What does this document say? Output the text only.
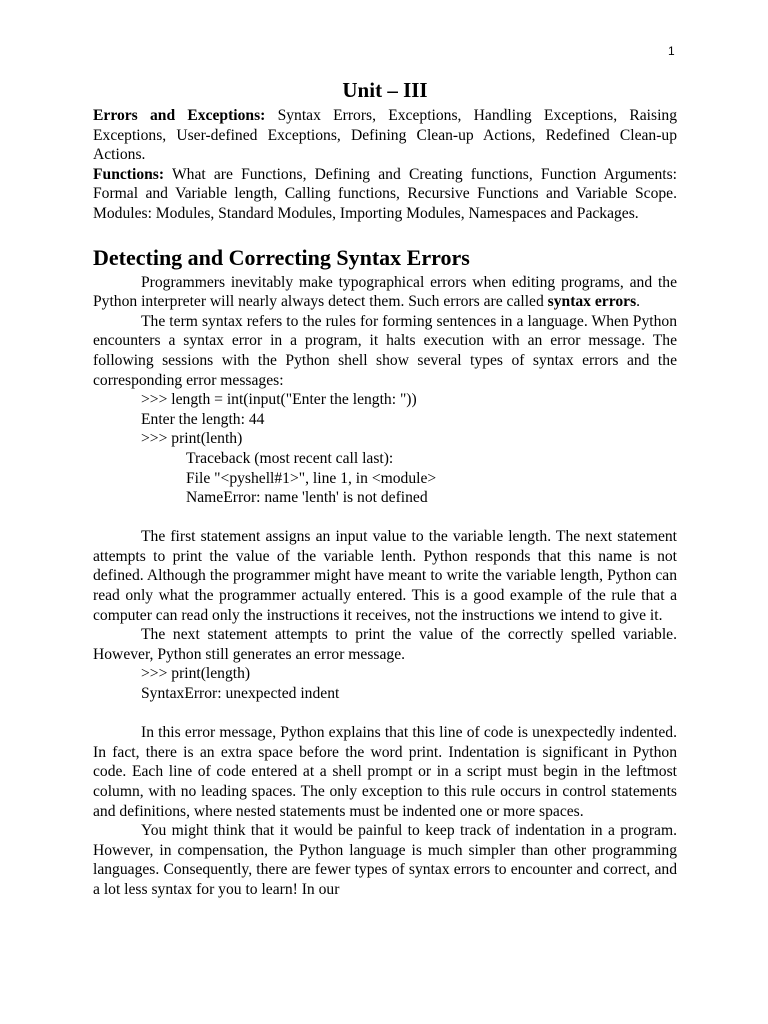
1
Unit – III

Errors and Exceptions: Syntax Errors, Exceptions, Handling Exceptions, Raising Exceptions, User-defined Exceptions, Defining Clean-up Actions, Redefined Clean-up Actions.

Functions: What are Functions, Defining and Creating functions, Function Arguments: Formal and Variable length, Calling functions, Recursive Functions and Variable Scope. Modules: Modules, Standard Modules, Importing Modules, Namespaces and Packages.

Detecting and Correcting Syntax Errors

Programmers inevitably make typographical errors when editing programs, and the Python interpreter will nearly always detect them. Such errors are called syntax errors.

The term syntax refers to the rules for forming sentences in a language. When Python encounters a syntax error in a program, it halts execution with an error message. The following sessions with the Python shell show several types of syntax errors and the corresponding error messages:

>>> length = int(input("Enter the length: "))
Enter the length: 44
>>> print(lenth)
Traceback (most recent call last):
File "<pyshell#1>", line 1, in <module>
NameError: name 'lenth' is not defined

The first statement assigns an input value to the variable length. The next statement attempts to print the value of the variable lenth. Python responds that this name is not defined. Although the programmer might have meant to write the variable length, Python can read only what the programmer actually entered. This is a good example of the rule that a computer can read only the instructions it receives, not the instructions we intend to give it.

The next statement attempts to print the value of the correctly spelled variable. However, Python still generates an error message.

>>> print(length)
SyntaxError: unexpected indent

In this error message, Python explains that this line of code is unexpectedly indented. In fact, there is an extra space before the word print. Indentation is significant in Python code. Each line of code entered at a shell prompt or in a script must begin in the leftmost column, with no leading spaces. The only exception to this rule occurs in control statements and definitions, where nested statements must be indented one or more spaces.

You might think that it would be painful to keep track of indentation in a program. However, in compensation, the Python language is much simpler than other programming languages. Consequently, there are fewer types of syntax errors to encounter and correct, and a lot less syntax for you to learn! In our
